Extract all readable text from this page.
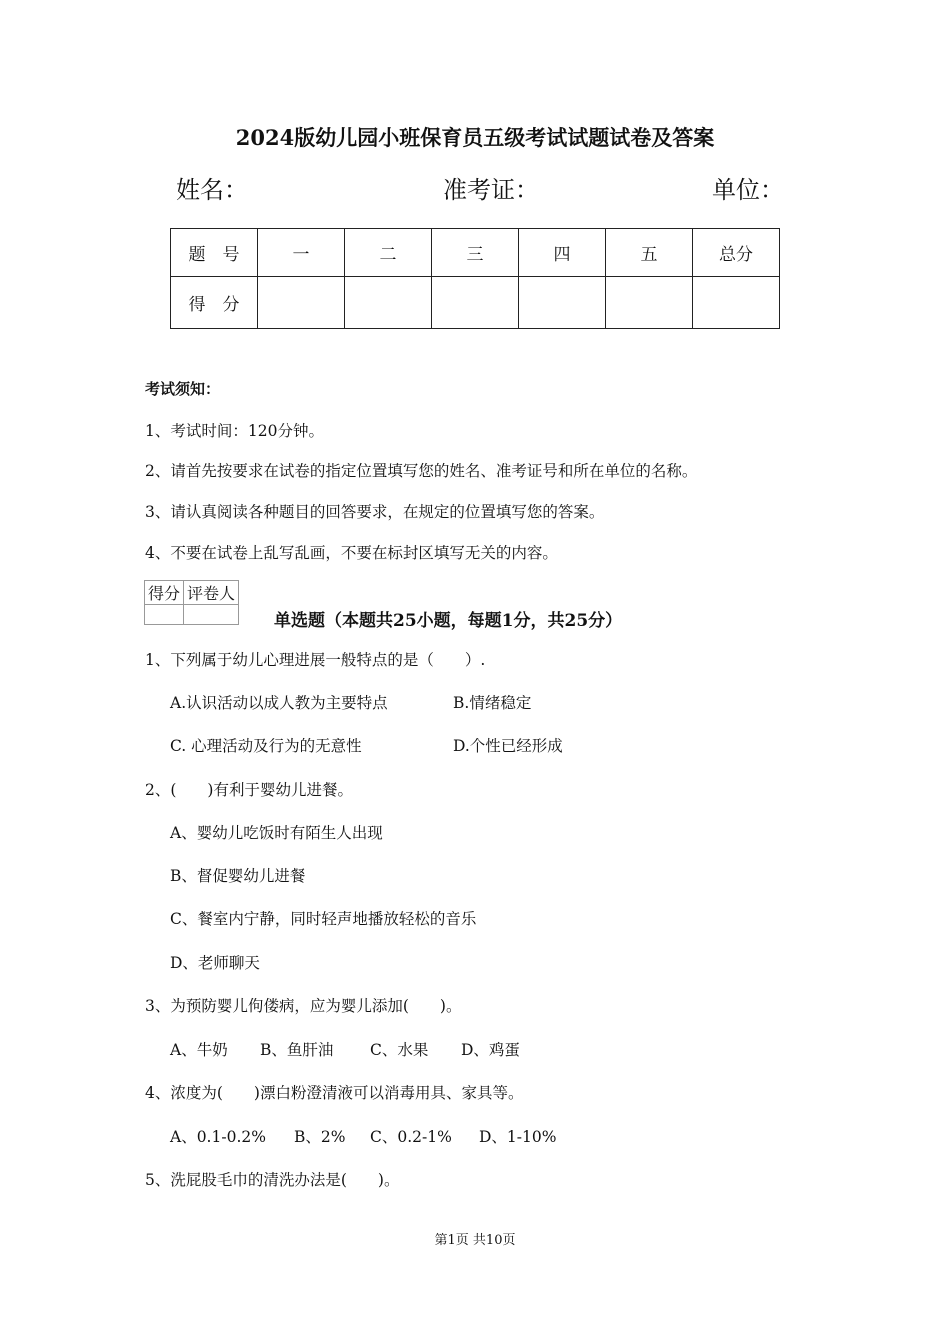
2024版幼儿园小班保育员五级考试试题试卷及答案
姓名：	准考证：	单位：
题　号	一	二	三	四	五	总分
得　分						
考试须知：
1、考试时间：120分钟。
2、请首先按要求在试卷的指定位置填写您的姓名、准考证号和所在单位的名称。
3、请认真阅读各种题目的回答要求，在规定的位置填写您的答案。
4、不要在试卷上乱写乱画，不要在标封区填写无关的内容。
得分	评卷人

单选题（本题共25小题，每题1分，共25分）
1、下列属于幼儿心理进展一般特点的是（　　）.
A.认识活动以成人教为主要特点	B.情绪稳定
C. 心理活动及行为的无意性	D.个性已经形成
2、(　　)有利于婴幼儿进餐。
A、婴幼儿吃饭时有陌生人出现
B、督促婴幼儿进餐
C、餐室内宁静，同时轻声地播放轻松的音乐
D、老师聊天
3、为预防婴儿佝偻病，应为婴儿添加(　　)。
A、牛奶 B、鱼肝油 C、水果 D、鸡蛋
4、浓度为(　　)漂白粉澄清液可以消毒用具、家具等。
A、0.1-0.2% B、2% C、0.2-1% D、1-10%
5、洗屁股毛巾的清洗办法是(　　)。
第1页 共10页
